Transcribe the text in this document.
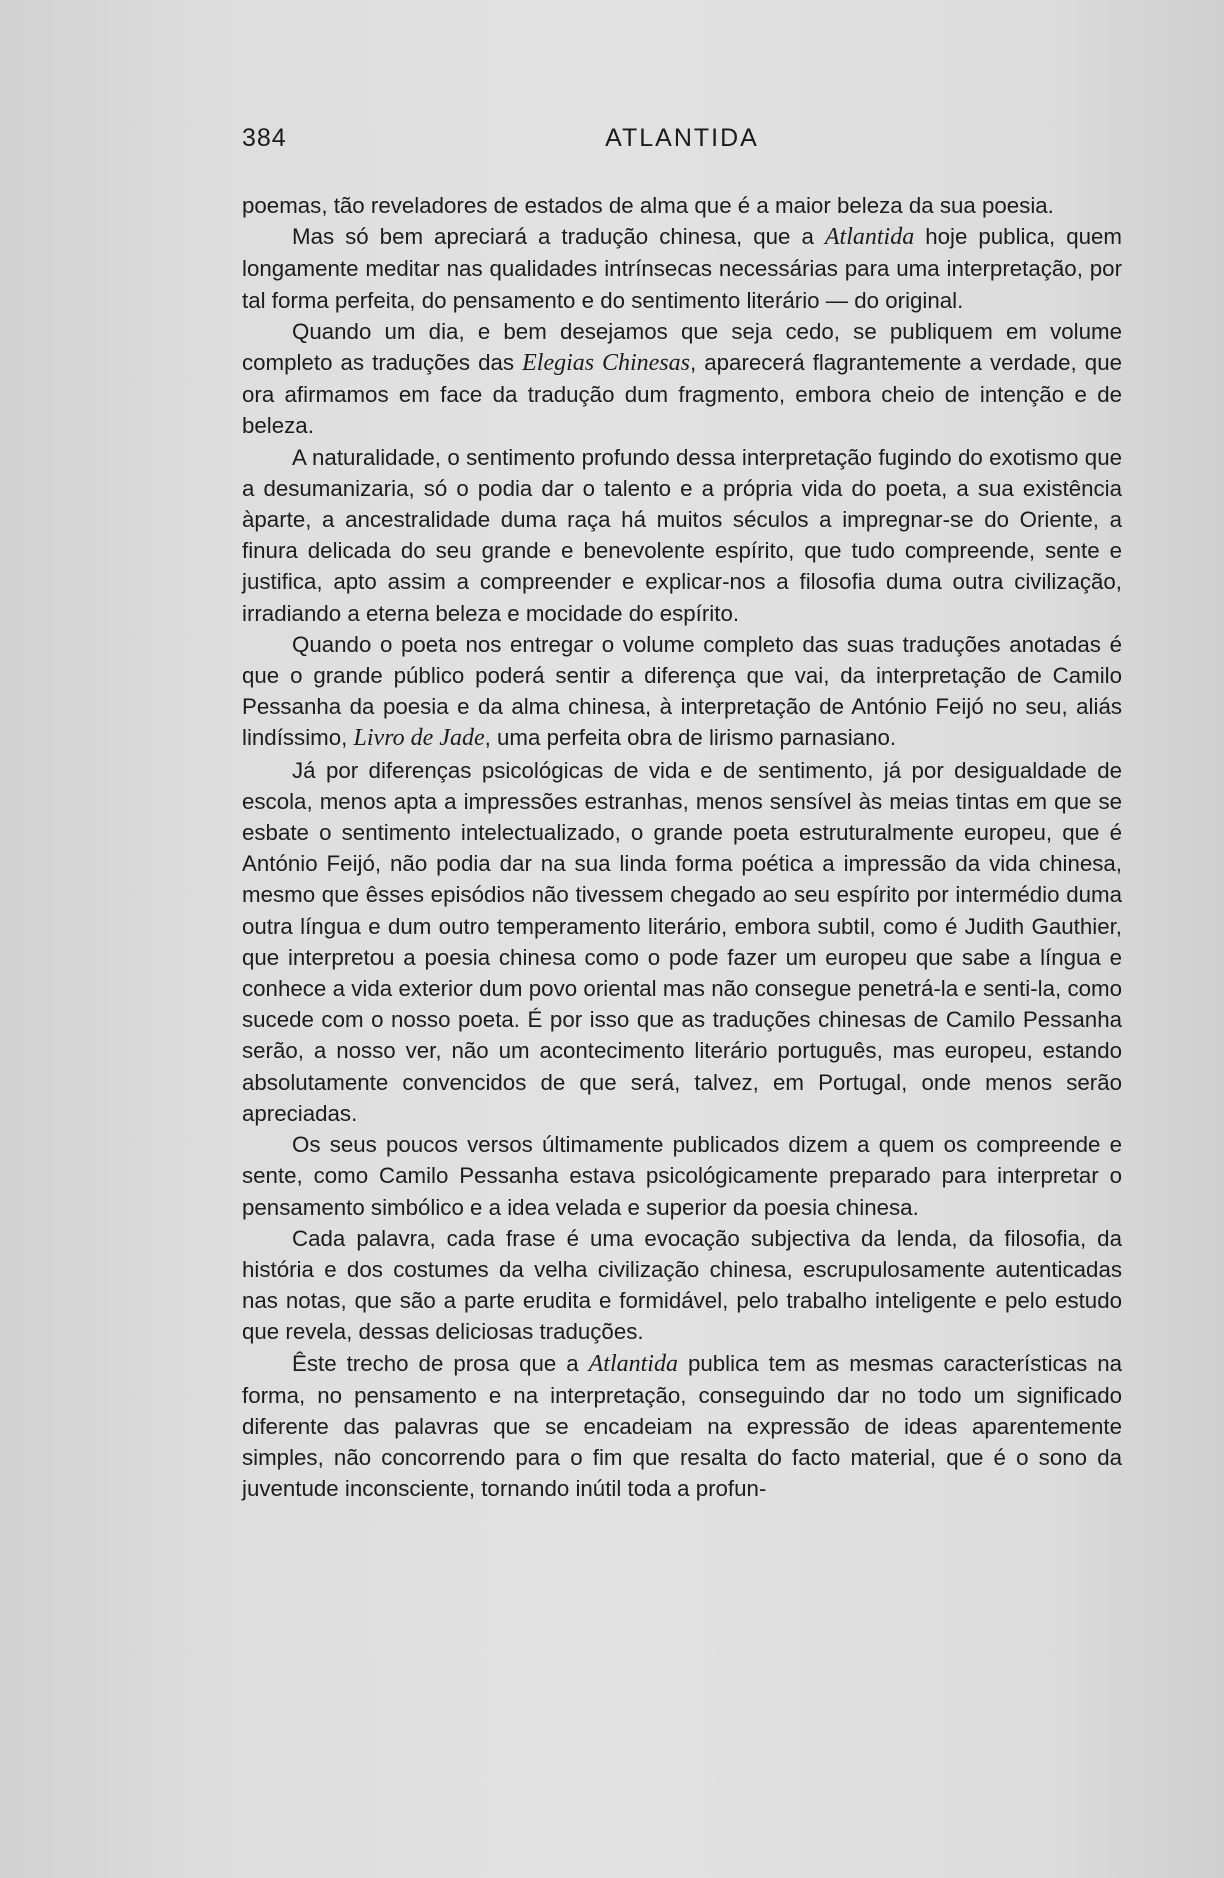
384	ATLANTIDA

poemas, tão reveladores de estados de alma que é a maior beleza da sua poesia.

Mas só bem apreciará a tradução chinesa, que a Atlantida hoje publica, quem longamente meditar nas qualidades intrínsecas necessárias para uma interpretação, por tal forma perfeita, do pensamento e do sentimento literário — do original.

Quando um dia, e bem desejamos que seja cedo, se publiquem em volume completo as traduções das Elegias Chinesas, aparecerá flagrantemente a verdade, que ora afirmamos em face da tradução dum fragmento, embora cheio de intenção e de beleza.

A naturalidade, o sentimento profundo dessa interpretação fugindo do exotismo que a desumanizaria, só o podia dar o talento e a própria vida do poeta, a sua existência àparte, a ancestralidade duma raça há muitos séculos a impregnar-se do Oriente, a finura delicada do seu grande e benevolente espírito, que tudo compreende, sente e justifica, apto assim a compreender e explicar-nos a filosofia duma outra civilização, irradiando a eterna beleza e mocidade do espírito.

Quando o poeta nos entregar o volume completo das suas traduções anotadas é que o grande público poderá sentir a diferença que vai, da interpretação de Camilo Pessanha da poesia e da alma chinesa, à interpretação de António Feijó no seu, aliás lindíssimo, Livro de Jade, uma perfeita obra de lirismo parnasiano.

Já por diferenças psicológicas de vida e de sentimento, já por desigualdade de escola, menos apta a impressões estranhas, menos sensível às meias tintas em que se esbate o sentimento intelectualizado, o grande poeta estruturalmente europeu, que é António Feijó, não podia dar na sua linda forma poética a impressão da vida chinesa, mesmo que êsses episódios não tivessem chegado ao seu espírito por intermédio duma outra língua e dum outro temperamento literário, embora subtil, como é Judith Gauthier, que interpretou a poesia chinesa como o pode fazer um europeu que sabe a língua e conhece a vida exterior dum povo oriental mas não consegue penetrá-la e senti-la, como sucede com o nosso poeta. É por isso que as traduções chinesas de Camilo Pessanha serão, a nosso ver, não um acontecimento literário português, mas europeu, estando absolutamente convencidos de que será, talvez, em Portugal, onde menos serão apreciadas.

Os seus poucos versos últimamente publicados dizem a quem os compreende e sente, como Camilo Pessanha estava psicológicamente preparado para interpretar o pensamento simbólico e a idea velada e superior da poesia chinesa.

Cada palavra, cada frase é uma evocação subjectiva da lenda, da filosofia, da história e dos costumes da velha civilização chinesa, escrupulosamente autenticadas nas notas, que são a parte erudita e formidável, pelo trabalho inteligente e pelo estudo que revela, dessas deliciosas traduções.

Êste trecho de prosa que a Atlantida publica tem as mesmas características na forma, no pensamento e na interpretação, conseguindo dar no todo um significado diferente das palavras que se encadeiam na expressão de ideas aparentemente simples, não concorrendo para o fim que resalta do facto material, que é o sono da juventude inconsciente, tornando inútil toda a profun-
